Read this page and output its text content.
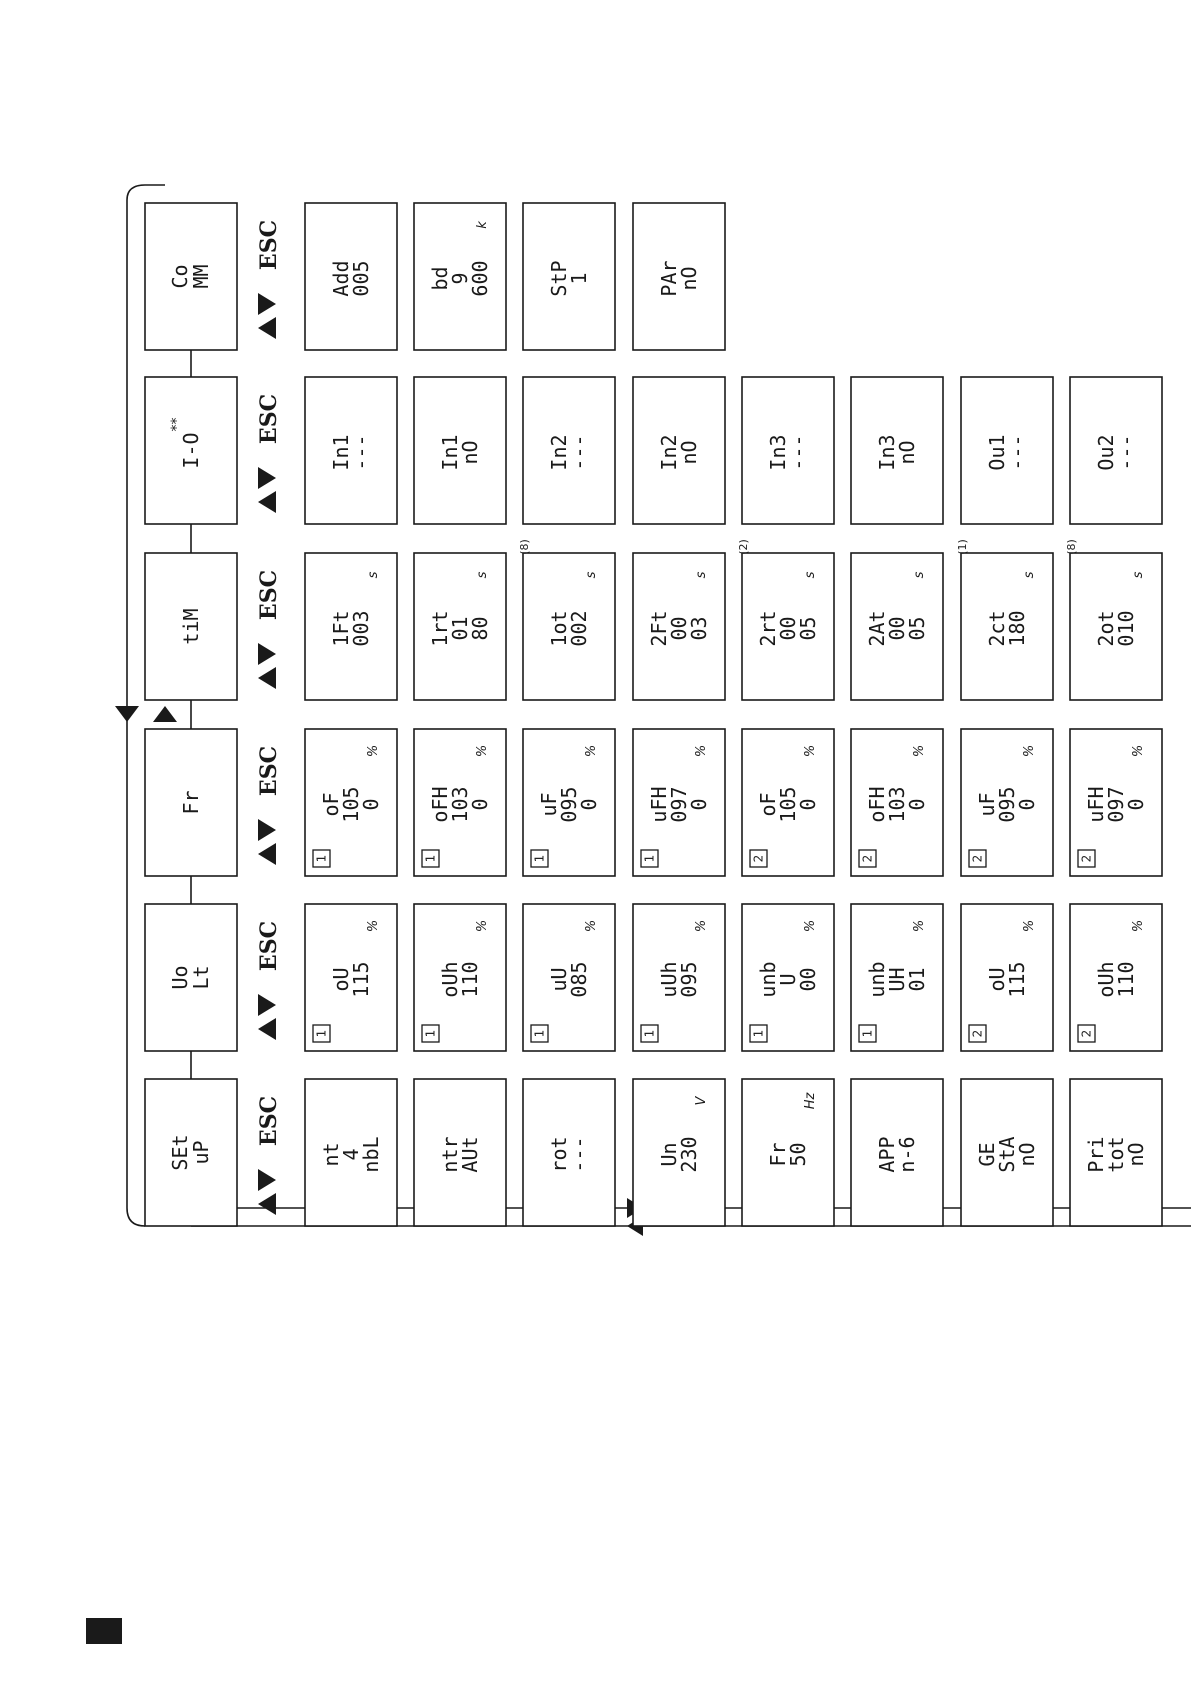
SEtuP
ESC
nt4nbL	ntrAUt	rot---	Un230
V
Fr50
Hz
APPn-6	GEStAnO PritotnO
UoLt
ESC
oU115
%
1
oUh110
%
1
uU085
%
1
uUh095
%
1
unbU00
%
1
unbUH01
%
1
oU115
%
2
oUh110
%
2
Fr
ESC
oF1050
%
1
oFH1030
%
1
uF0950
%
1
uFH0970
%
1
oF1050
%
2
oFH1030
%
2
uF0950
%
2
uFH0970
%
2
tiM
ESC
1Ft003
s
1rt0180
s
1ot002
s
(8)
2Ft0003
s
2rt0005
s
(2)
2At0005
s
2ct180
s
(1)
2ot010
s
(8)
I-O
**	ESC
In1---	In1nO	In2---	In2nO	In3---	In3nO	Ou1---	Ou2---
CoMM
ESC
Add005	bd9600
k
StP1	PArnO
